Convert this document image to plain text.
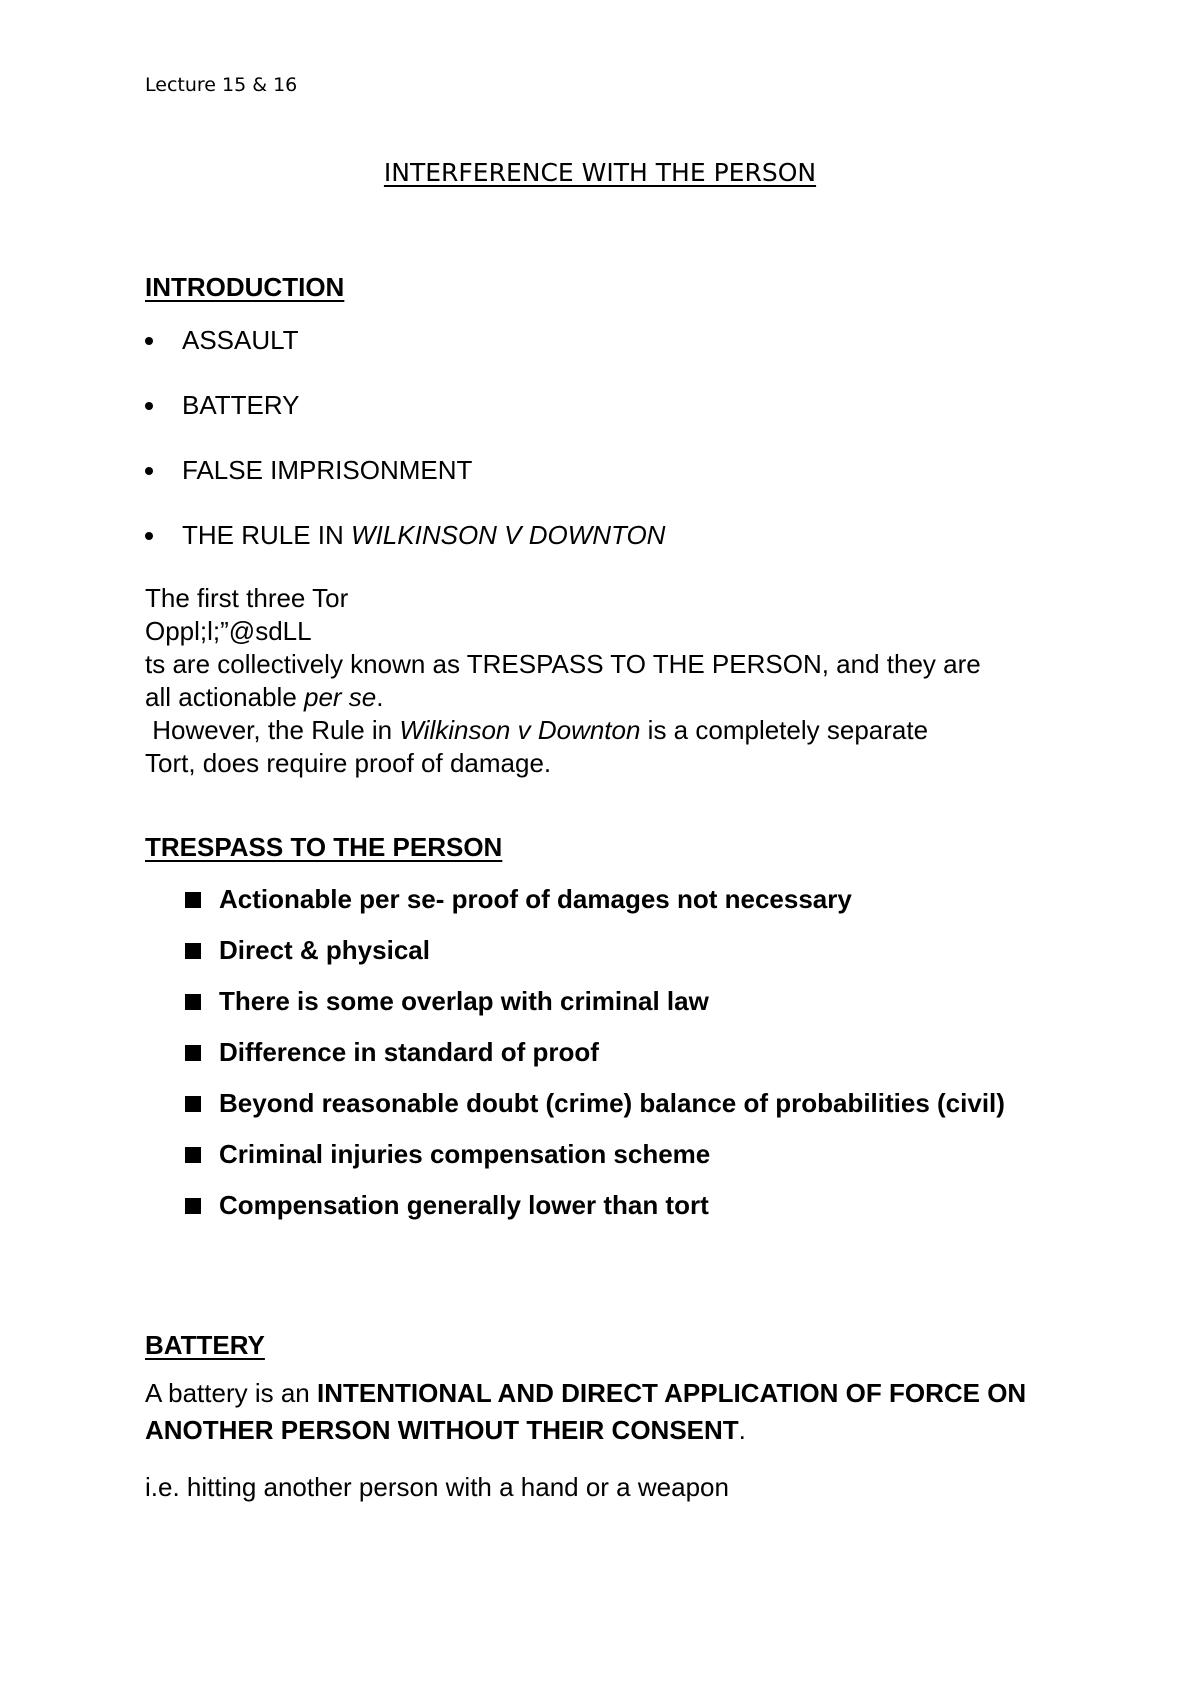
Lecture 15 & 16
INTERFERENCE WITH THE PERSON
INTRODUCTION
ASSAULT
BATTERY
FALSE IMPRISONMENT
THE RULE IN WILKINSON V DOWNTON
The first three Tor
Oppl;l;”@sdLL
ts are collectively known as TRESPASS TO THE PERSON, and they are
all actionable per se.
However, the Rule in Wilkinson v Downton is a completely separate
Tort, does require proof of damage.
TRESPASS TO THE PERSON
Actionable per se- proof of damages not necessary
Direct & physical
There is some overlap with criminal law
Difference in standard of proof
Beyond reasonable doubt (crime) balance of probabilities (civil)
Criminal injuries compensation scheme
Compensation generally lower than tort
BATTERY
A battery is an INTENTIONAL AND DIRECT APPLICATION OF FORCE ON ANOTHER PERSON WITHOUT THEIR CONSENT.
i.e. hitting another person with a hand or a weapon
